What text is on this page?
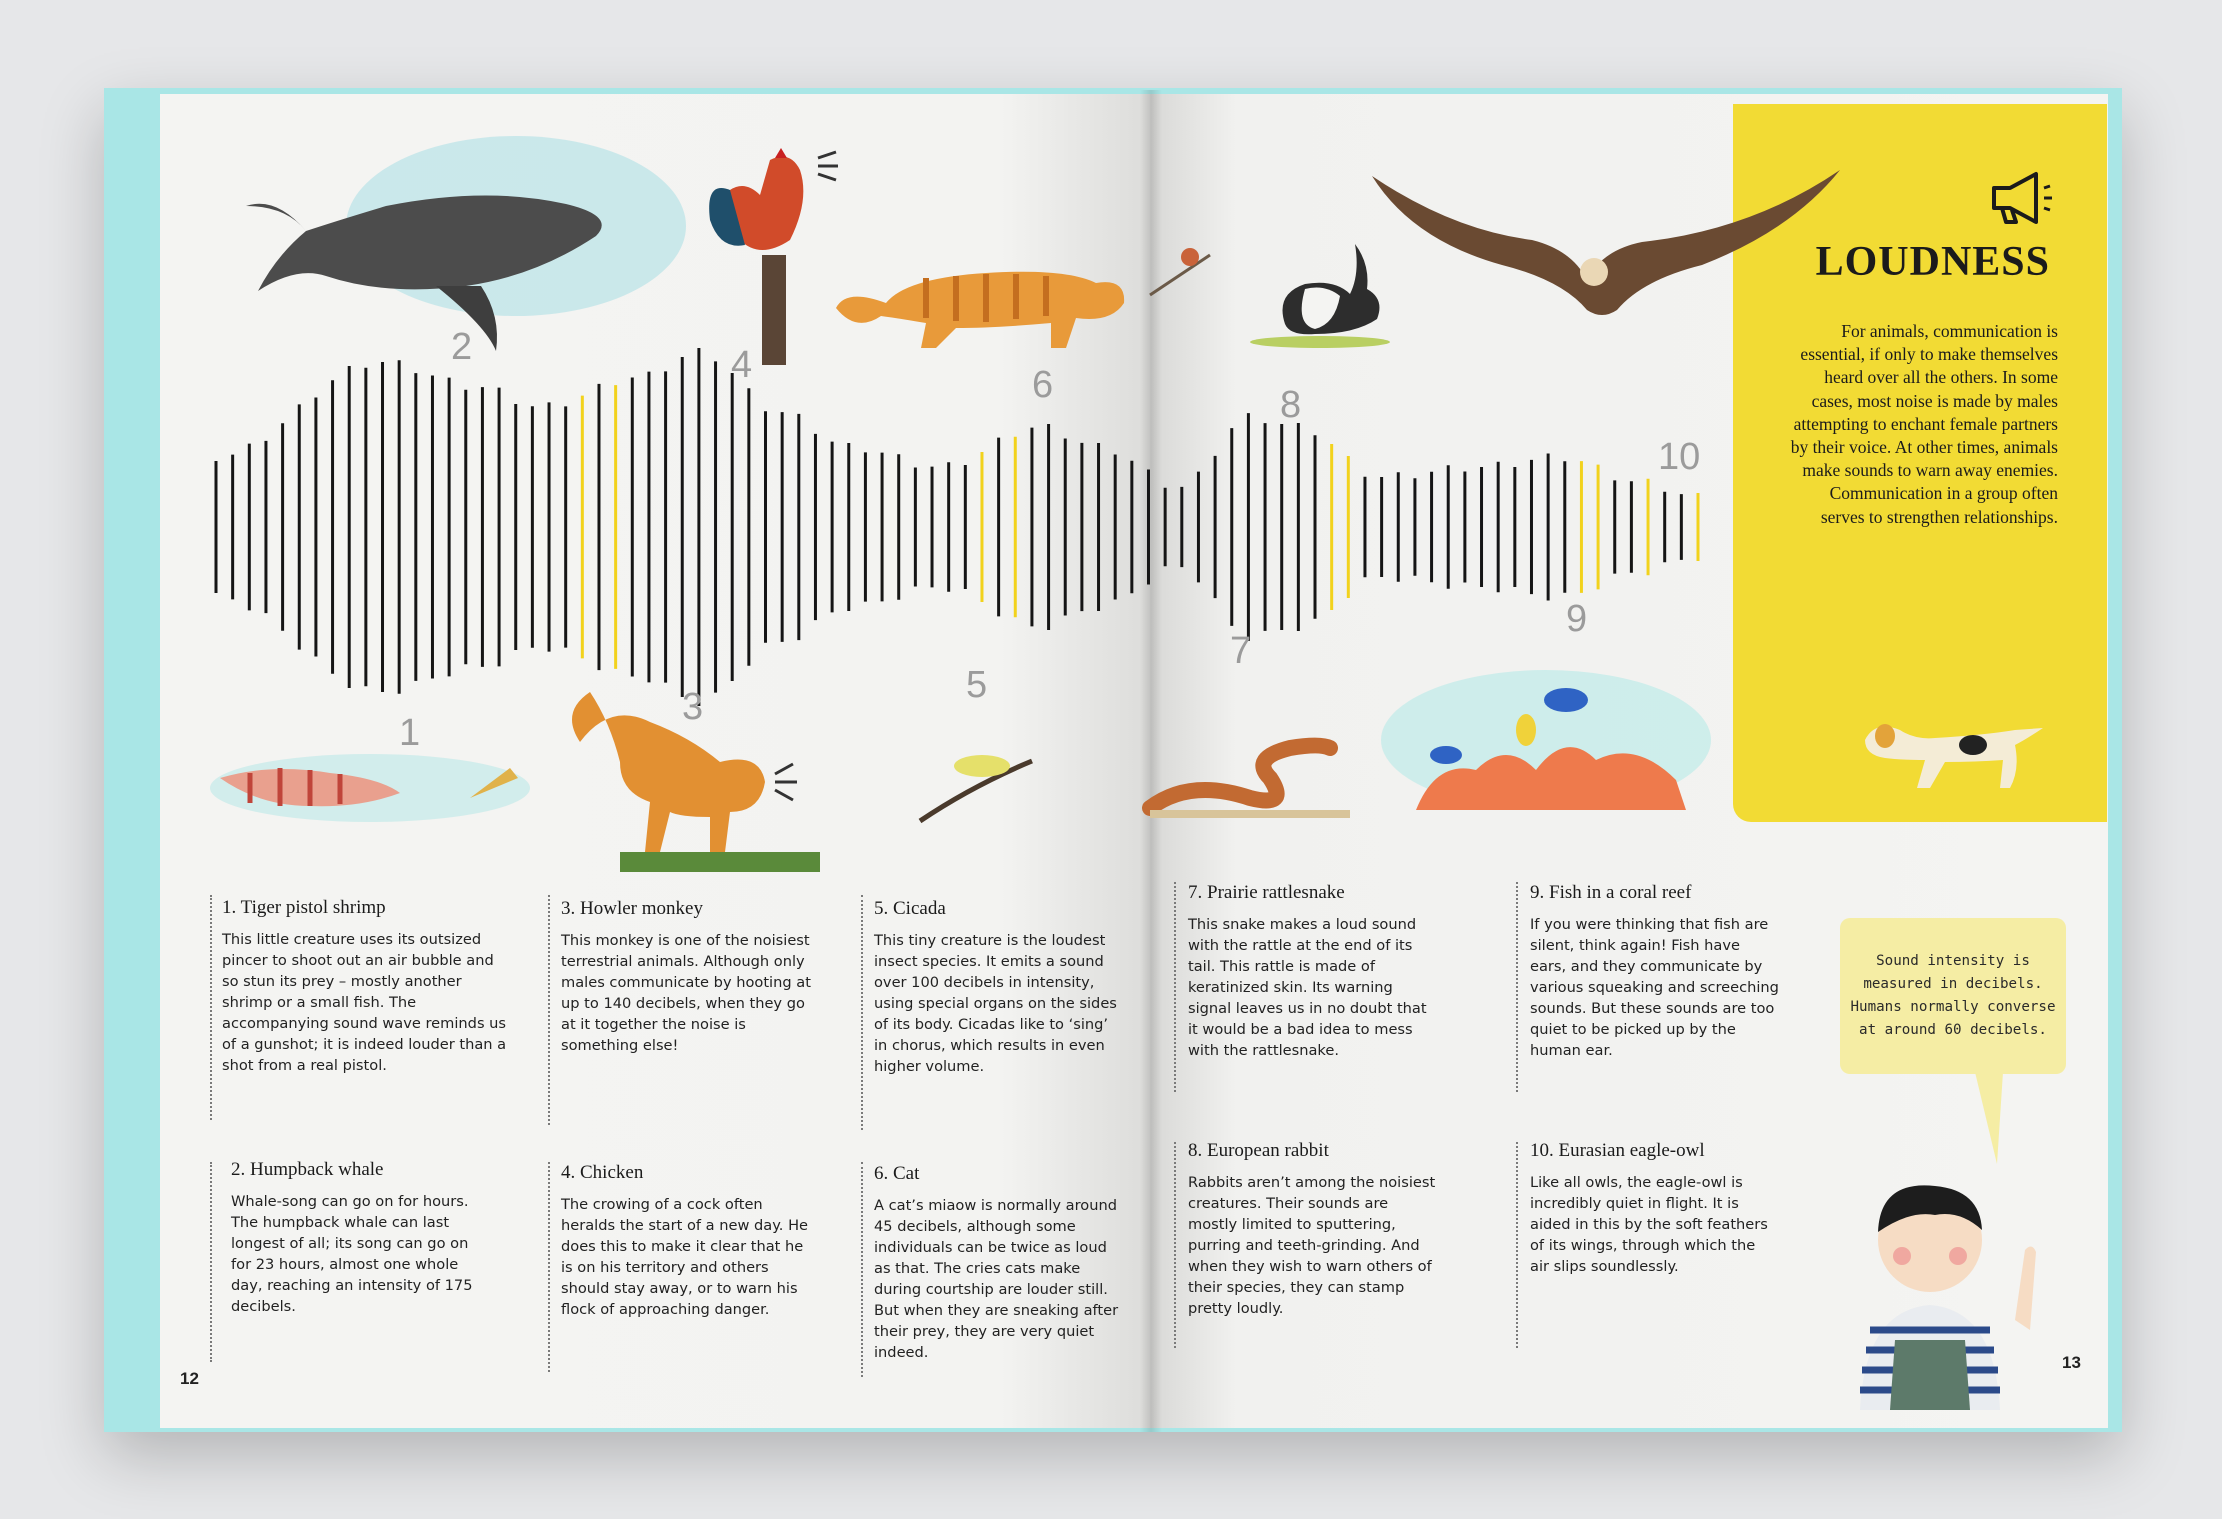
LOUDNESS
For animals, communication is essential, if only to make themselves heard over all the others. In some cases, most noise is made by males attempting to enchant female partners by their voice. At other times, animals make sounds to warn away enemies. Communication in a group often serves to strengthen relationships.
1
2
3
4
5
6
7
8
9
10
1. Tiger pistol shrimp

This little creature uses its outsized pincer to shoot out an air bubble and so stun its prey – mostly another shrimp or a small fish. The accompanying sound wave reminds us of a gunshot; it is indeed louder than a shot from a real pistol.

2. Humpback whale

Whale-song can go on for hours. The humpback whale can last longest of all; its song can go on for 23 hours, almost one whole day, reaching an intensity of 175 decibels.

3. Howler monkey

This monkey is one of the noisiest terrestrial animals. Although only males communicate by hooting at up to 140 decibels, when they go at it together the noise is something else!

4. Chicken

The crowing of a cock often heralds the start of a new day. He does this to make it clear that he is on his territory and others should stay away, or to warn his flock of approaching danger.

5. Cicada

This tiny creature is the loudest insect species. It emits a sound over 100 decibels in intensity, using special organs on the sides of its body. Cicadas like to ‘sing’ in chorus, which results in even higher volume.

6. Cat

A cat’s miaow is normally around 45 decibels, although some individuals can be twice as loud as that. The cries cats make during courtship are louder still. But when they are sneaking after their prey, they are very quiet indeed.

7. Prairie rattlesnake

This snake makes a loud sound with the rattle at the end of its tail. This rattle is made of keratinized skin. Its warning signal leaves us in no doubt that it would be a bad idea to mess with the rattlesnake.

8. European rabbit

Rabbits aren’t among the noisiest creatures. Their sounds are mostly limited to sputtering, purring and teeth-grinding. And when they wish to warn others of their species, they can stamp pretty loudly.

9. Fish in a coral reef

If you were thinking that fish are silent, think again! Fish have ears, and they communicate by various squeaking and screeching sounds. But these sounds are too quiet to be picked up by the human ear.

10. Eurasian eagle-owl

Like all owls, the eagle-owl is incredibly quiet in flight. It is aided in this by the soft feathers of its wings, through which the air slips soundlessly.

Sound intensity is measured in decibels. Humans normally converse at around 60 decibels.
12
13
